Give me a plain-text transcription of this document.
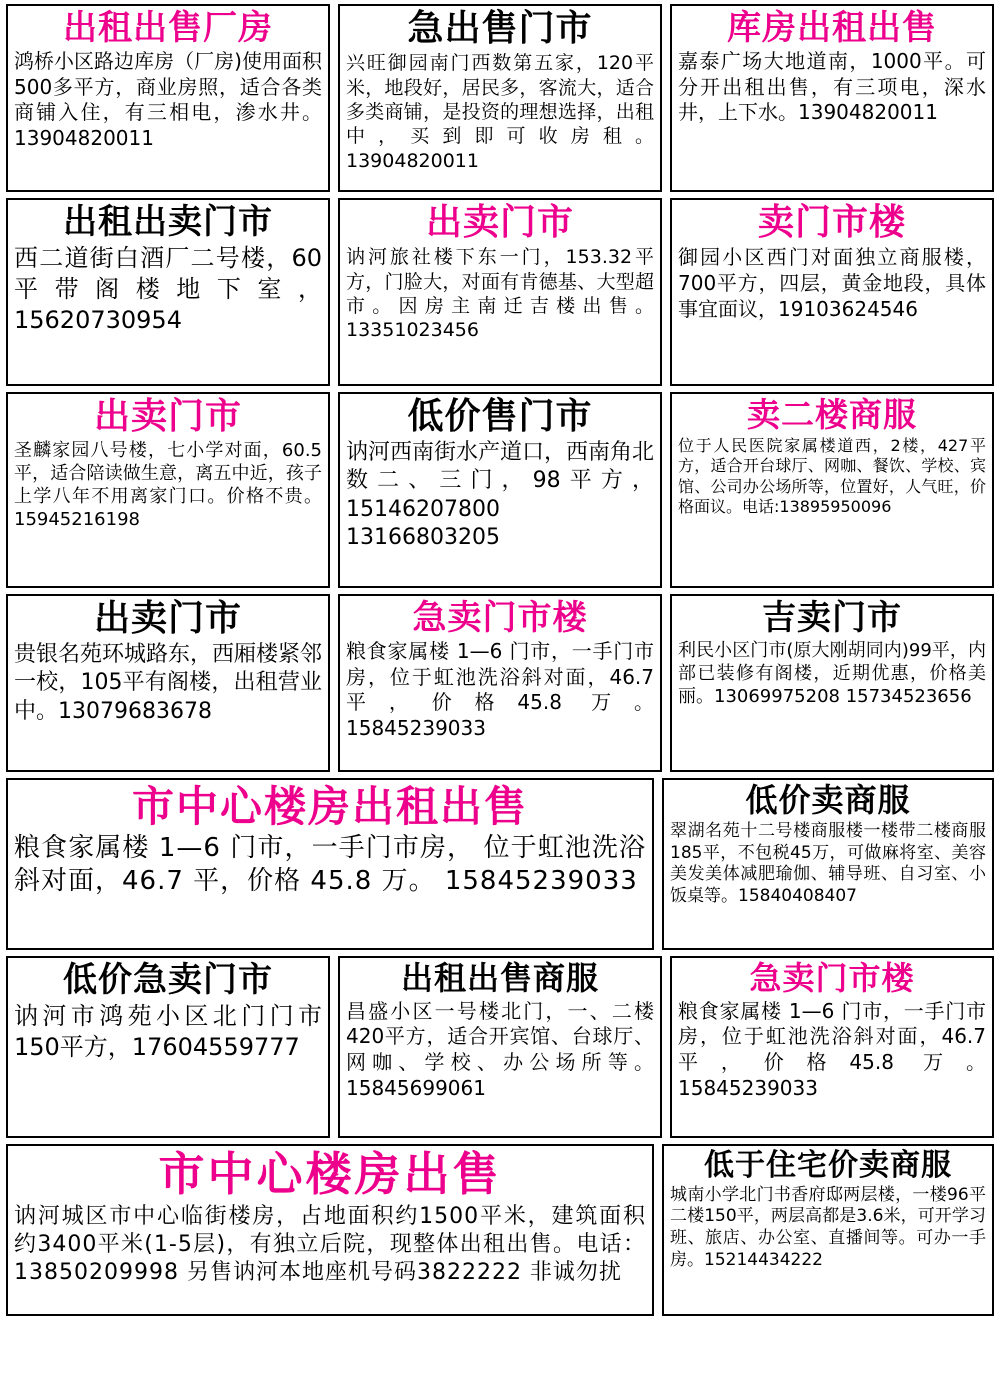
出租出售厂房
鸿桥小区路边库房（厂房)使用面积500多平方，商业房照，适合各类商铺入住，有三相电，渗水井。13904820011
急出售门市
兴旺御园南门西数第五家，120平米，地段好，居民多，客流大，适合多类商铺，是投资的理想选择，出租中，买到即可收房租。13904820011
库房出租出售
嘉泰广场大地道南，1000平。可分开出租出售，有三项电，深水井，上下水。13904820011
出租出卖门市
西二道街白酒厂二号楼，60平带阁楼地下室，15620730954
出卖门市
讷河旅社楼下东一门，153.32平方，门脸大，对面有肯德基、大型超市。因房主南迁吉楼出售。13351023456
卖门市楼
御园小区西门对面独立商服楼，700平方，四层，黄金地段，具体事宜面议，19103624546
出卖门市
圣麟家园八号楼，七小学对面，60.5平，适合陪读做生意，离五中近，孩子上学八年不用离家门口。价格不贵。15945216198
低价售门市
讷河西南街水产道口，西南角北数二、三门，98平方，15146207800 13166803205
卖二楼商服
位于人民医院家属楼道西，2楼，427平方，适合开台球厅、网咖、餐饮、学校、宾馆、公司办公场所等，位置好，人气旺，价格面议。电话:13895950096
出卖门市
贵银名苑环城路东，西厢楼紧邻一校，105平有阁楼，出租营业中。13079683678
急卖门市楼
粮食家属楼 1—6 门市，一手门市房，位于虹池洗浴斜对面，46.7 平，价格45.8 万。15845239033
吉卖门市
利民小区门市(原大刚胡同内)99平，内部已装修有阁楼，近期优惠，价格美丽。13069975208 15734523656
市中心楼房出租出售
粮食家属楼 1—6 门市，一手门市房， 位于虹池洗浴斜对面，46.7 平，价格 45.8 万。 15845239033
低价卖商服
翠湖名苑十二号楼商服楼一楼带二楼商服185平，不包税45万，可做麻将室、美容美发美体减肥瑜伽、辅导班、自习室、小饭桌等。15840408407
低价急卖门市
讷河市鸿苑小区北门门市150平方，17604559777
出租出售商服
昌盛小区一号楼北门，一、二楼420平方，适合开宾馆、台球厅、网咖、学校、办公场所等。15845699061
急卖门市楼
粮食家属楼 1—6 门市，一手门市房，位于虹池洗浴斜对面，46.7 平，价格45.8 万。15845239033
市中心楼房出售
讷河城区市中心临街楼房，占地面积约1500平米，建筑面积约3400平米(1-5层)，有独立后院，现整体出租出售。电话：13850209998 另售讷河本地座机号码3822222 非诚勿扰
低于住宅价卖商服
城南小学北门书香府邸两层楼，一楼96平二楼150平，两层高都是3.6米，可开学习班、旅店、办公室、直播间等。可办一手房。15214434222
